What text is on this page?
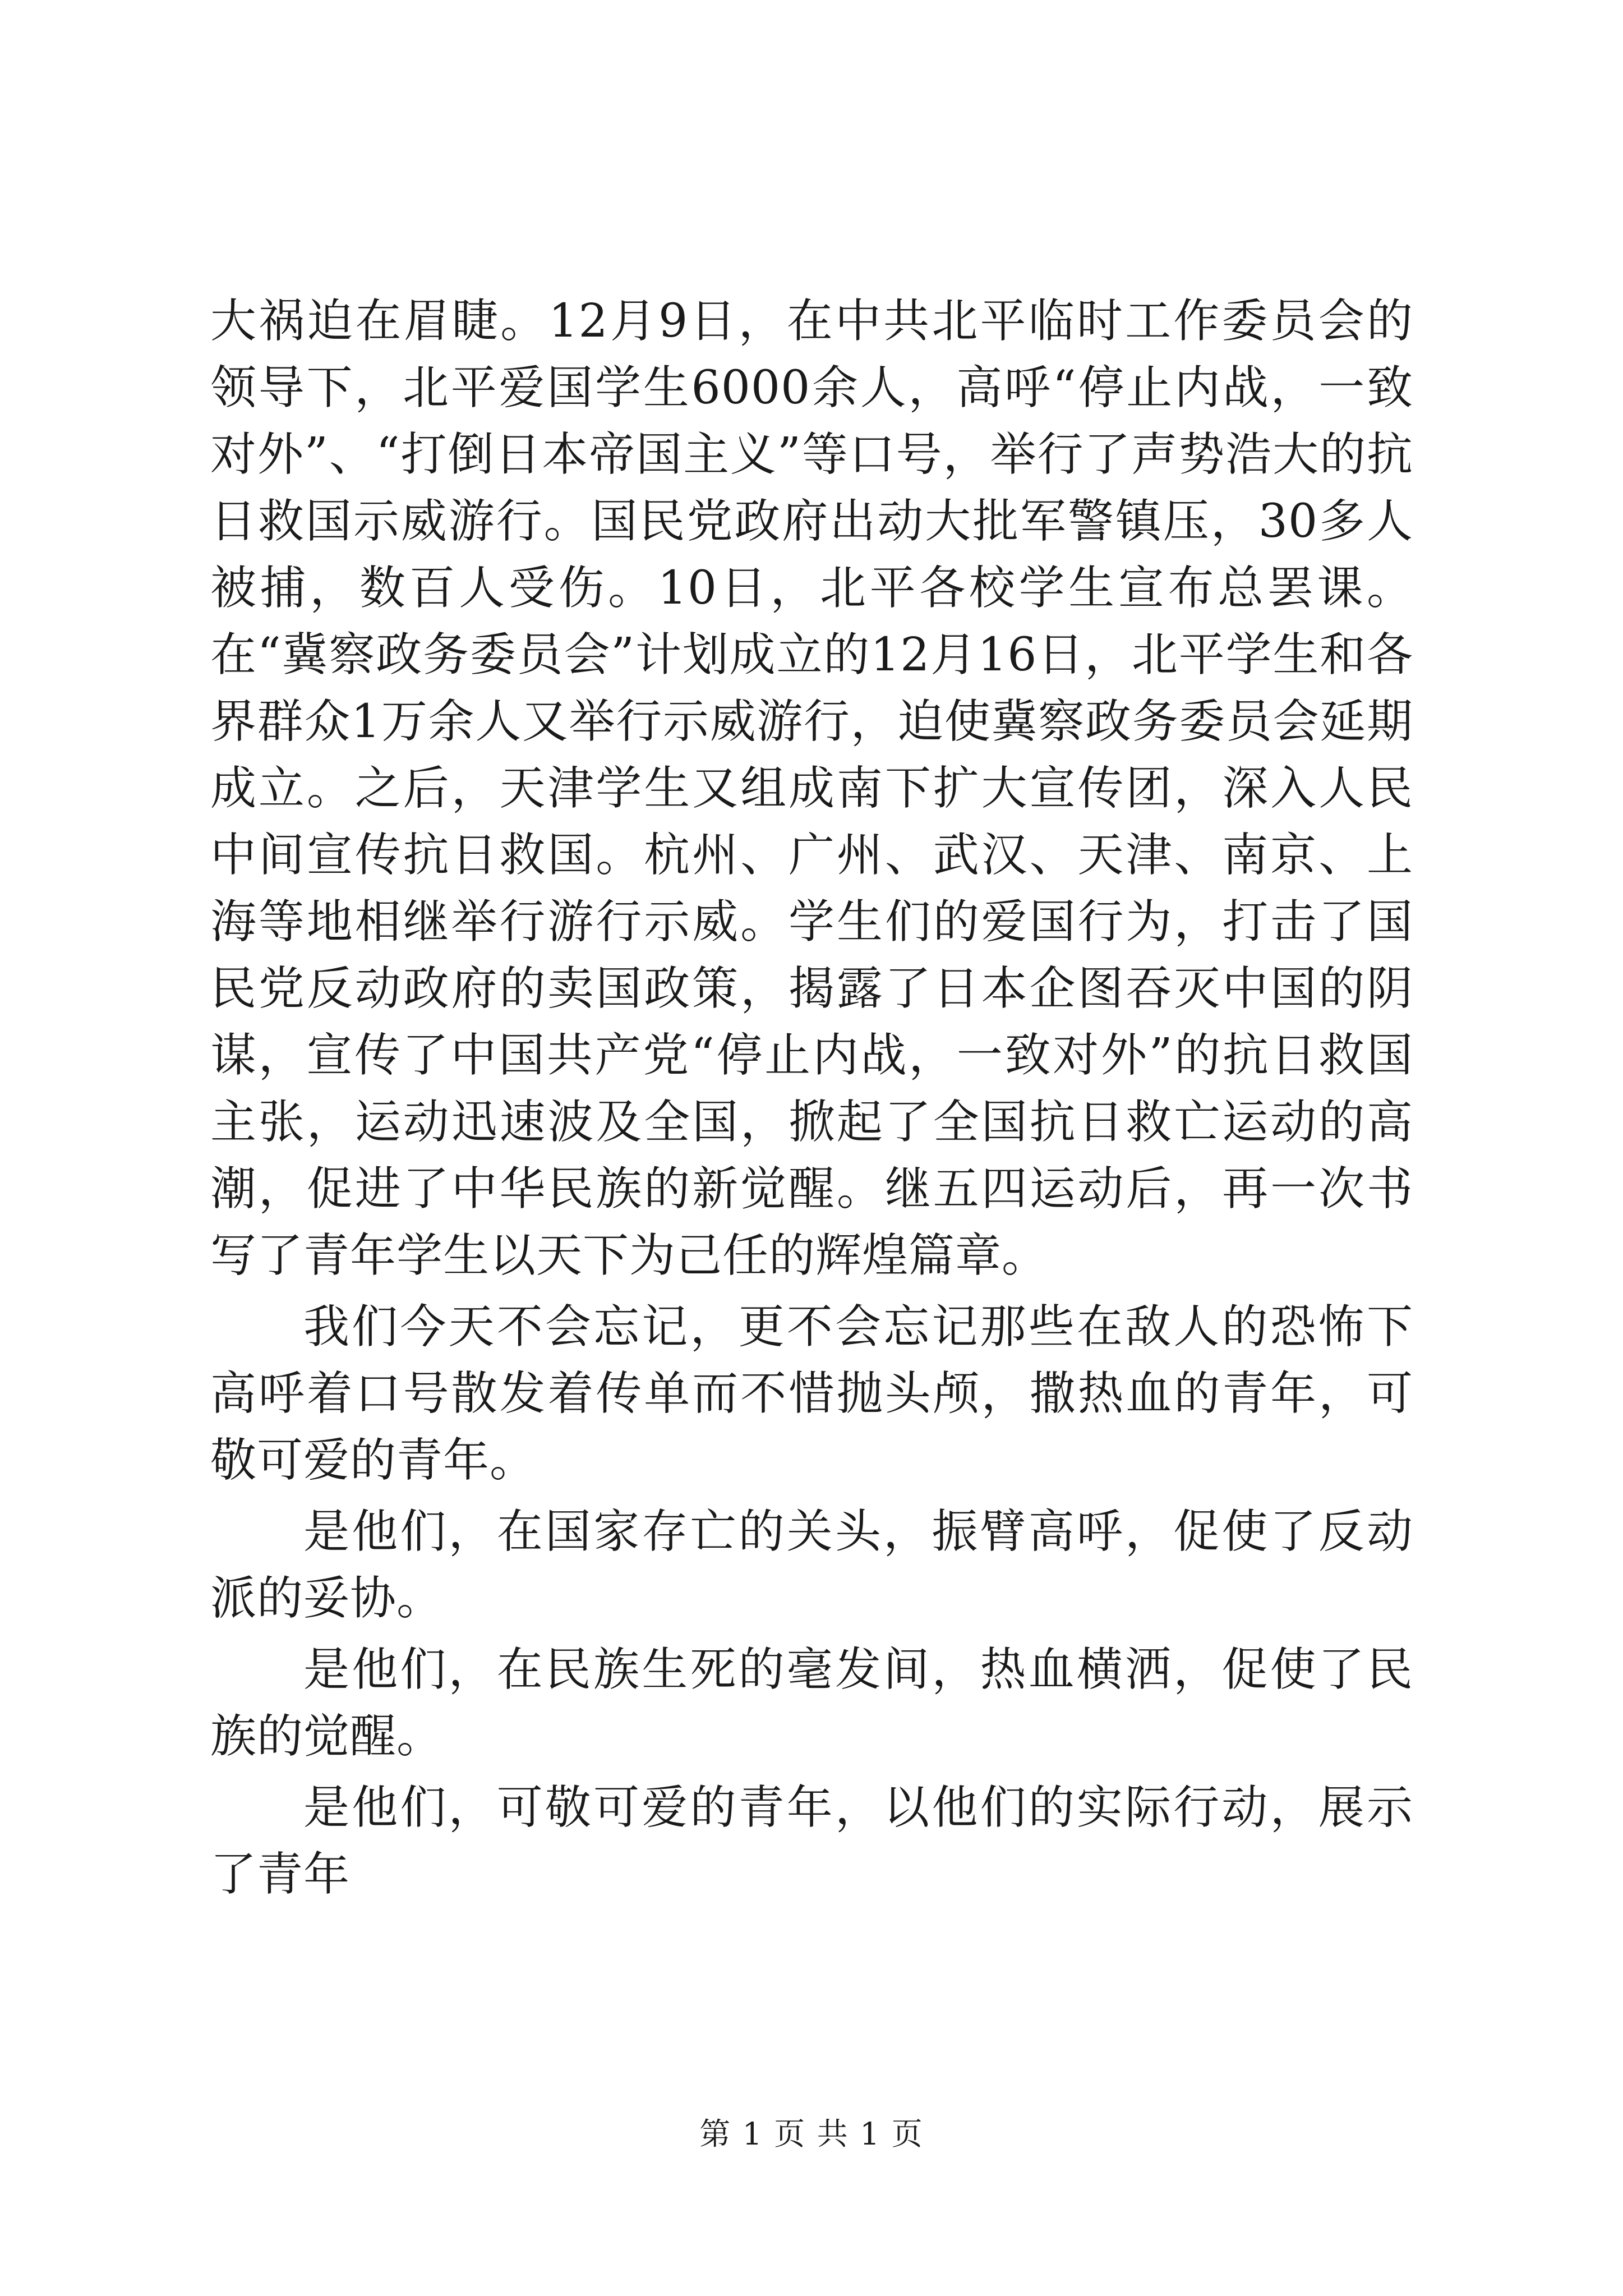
大祸迫在眉睫。12月9日，在中共北平临时工作委员会的领导下，北平爱国学生6000余人，高呼“停止内战，一致对外”、“打倒日本帝国主义”等口号，举行了声势浩大的抗日救国示威游行。国民党政府出动大批军警镇压，30多人被捕，数百人受伤。10日，北平各校学生宣布总罢课。在“冀察政务委员会”计划成立的12月16日，北平学生和各界群众1万余人又举行示威游行，迫使冀察政务委员会延期成立。之后，天津学生又组成南下扩大宣传团，深入人民中间宣传抗日救国。杭州、广州、武汉、天津、南京、上海等地相继举行游行示威。学生们的爱国行为，打击了国民党反动政府的卖国政策，揭露了日本企图吞灭中国的阴谋，宣传了中国共产党“停止内战，一致对外”的抗日救国主张，运动迅速波及全国，掀起了全国抗日救亡运动的高潮，促进了中华民族的新觉醒。继五四运动后，再一次书写了青年学生以天下为己任的辉煌篇章。

我们今天不会忘记，更不会忘记那些在敌人的恐怖下高呼着口号散发着传单而不惜抛头颅，撒热血的青年，可敬可爱的青年。

是他们，在国家存亡的关头，振臂高呼，促使了反动派的妥协。

是他们，在民族生死的毫发间，热血横洒，促使了民族的觉醒。

是他们，可敬可爱的青年，以他们的实际行动，展示了青年

第 1 页 共 1 页
